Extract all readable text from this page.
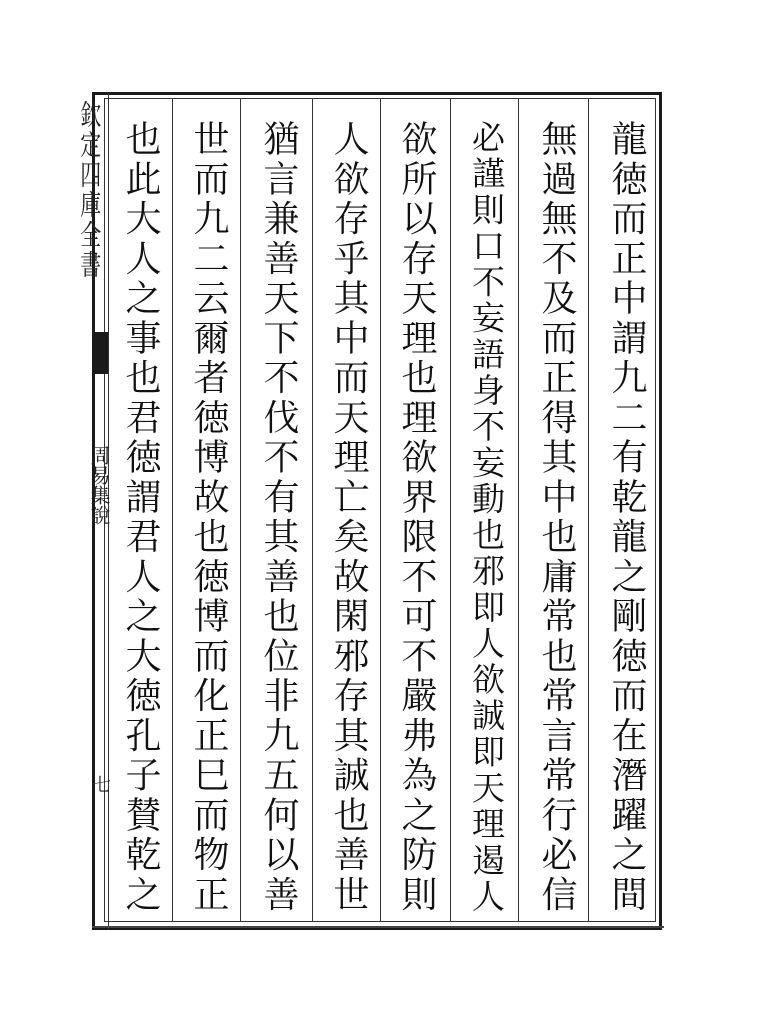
欽定四庫全書
周易集說
七	龍徳而正中謂九二有乾龍之剛徳而在潛躍之間
無過無不及而正得其中也庸常也常言常行必信
必謹則口不妄語身不妄動也邪即人欲誠即天理遏人
欲所以存天理也理欲界限不可不嚴弗為之防則
人欲存乎其中而天理亡矣故閑邪存其誠也善世
猶言兼善天下不伐不有其善也位非九五何以善
世而九二云爾者徳博故也徳博而化正巳而物正
也此大人之事也君徳謂君人之大徳孔子賛乾之
